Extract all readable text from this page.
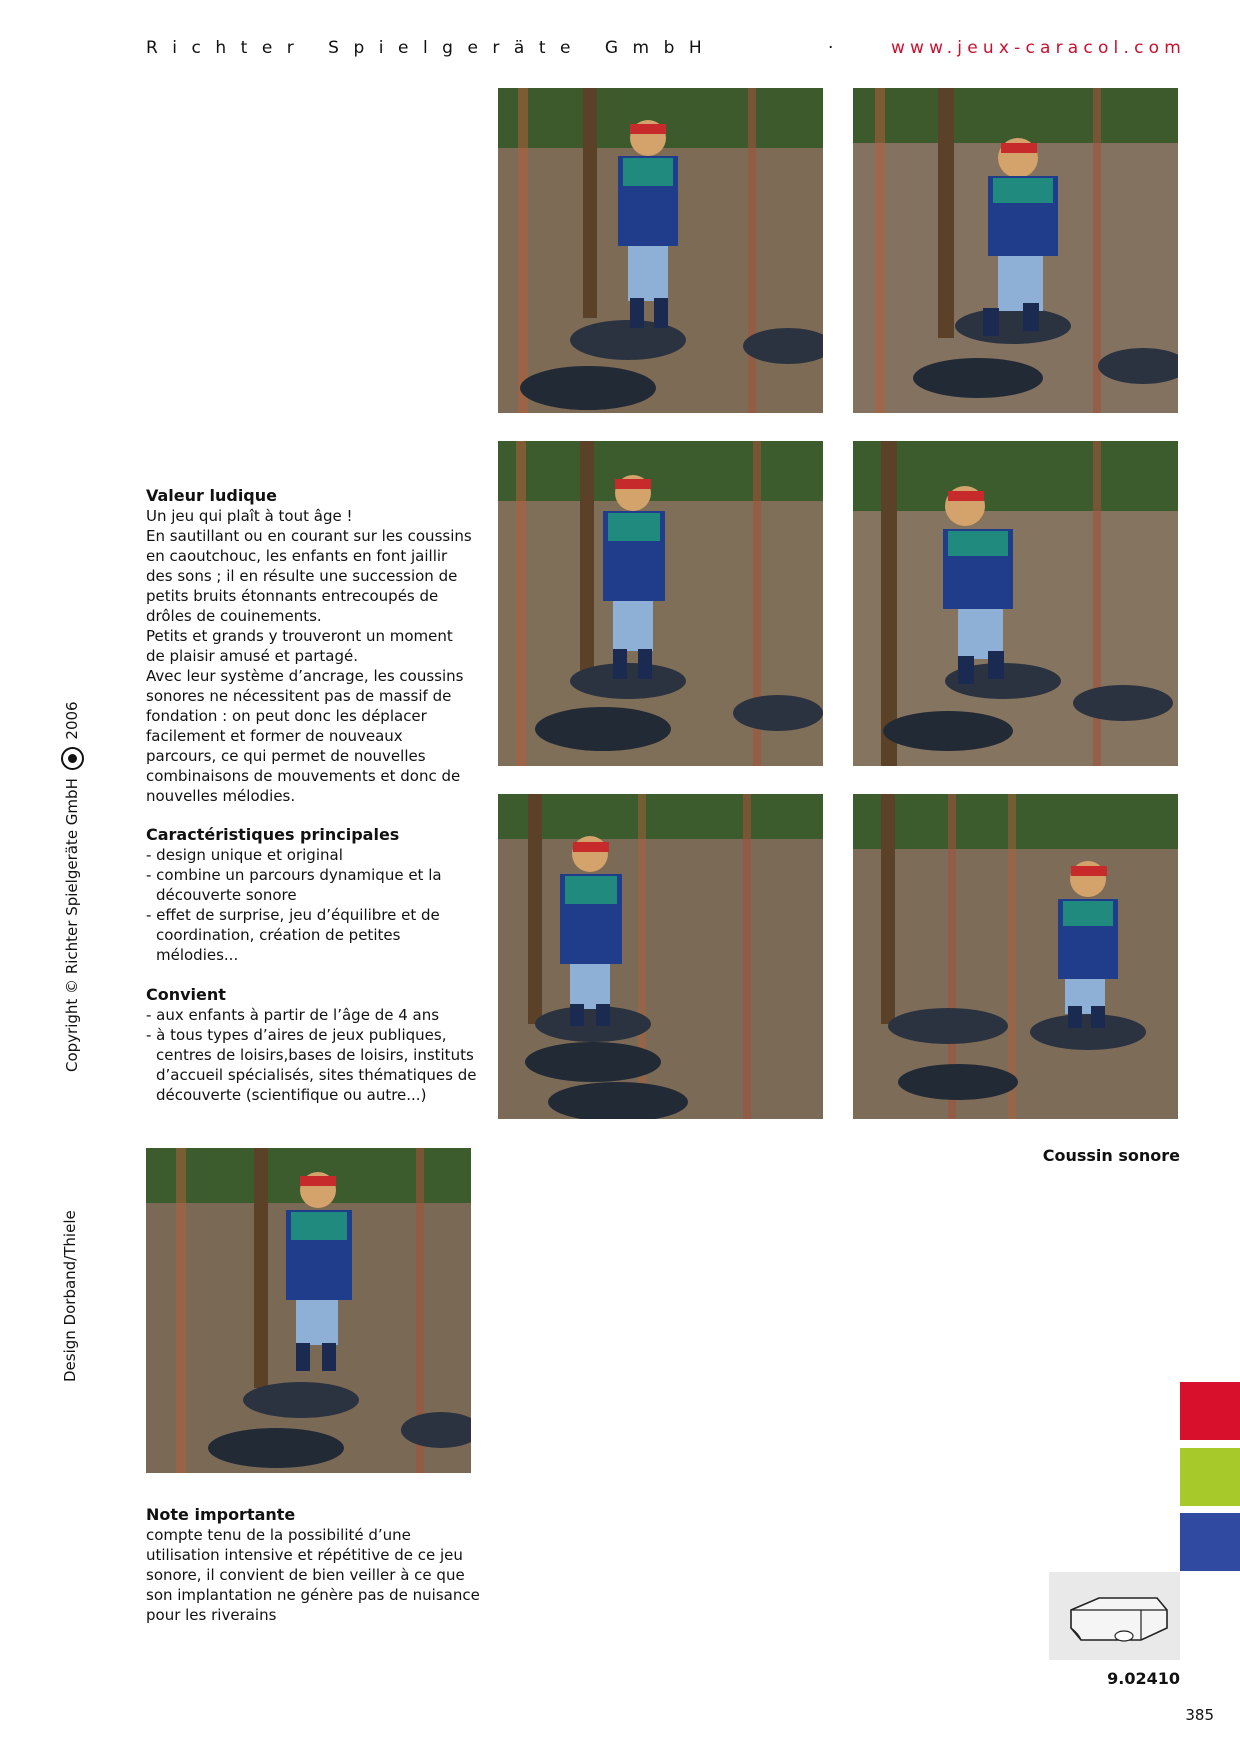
Richter Spielgeräte GmbH	·	www.jeux-caracol.com
Copyright © Richter Spielgeräte GmbH  2006
Design Dorband/Thiele
Valeur ludique

Un jeu qui plaît à tout âge !

En sautillant ou en courant sur les coussins en caoutchouc, les enfants en font jaillir des sons ; il en résulte une succession de petits bruits étonnants entrecoupés de drôles de couinements.

Petits et grands y trouveront un moment de plaisir amusé et partagé.

Avec leur système d’ancrage, les coussins sonores ne nécessitent pas de massif de fondation : on peut donc les déplacer facilement et former de nouveaux parcours, ce qui permet de nouvelles combinaisons de mouvements et donc de nouvelles mélodies.

Caractéristiques principales
- design unique et original
- combine un parcours dynamique et la découverte sonore
- effet de surprise, jeu d’équilibre et de coordination, création de petites mélodies...
Convient
- aux enfants à partir de l’âge de 4 ans
- à tous types d’aires de jeux publiques, centres de loisirs,bases de loisirs, instituts d’accueil spécialisés, sites thématiques de découverte (scientifique ou autre...)
Note importante

compte tenu de la possibilité d’une utilisation intensive et répétitive de ce jeu sonore, il convient de bien veiller à ce que son implantation ne génère pas de nuisance pour les riverains

Coussin sonore
9.02410
385
